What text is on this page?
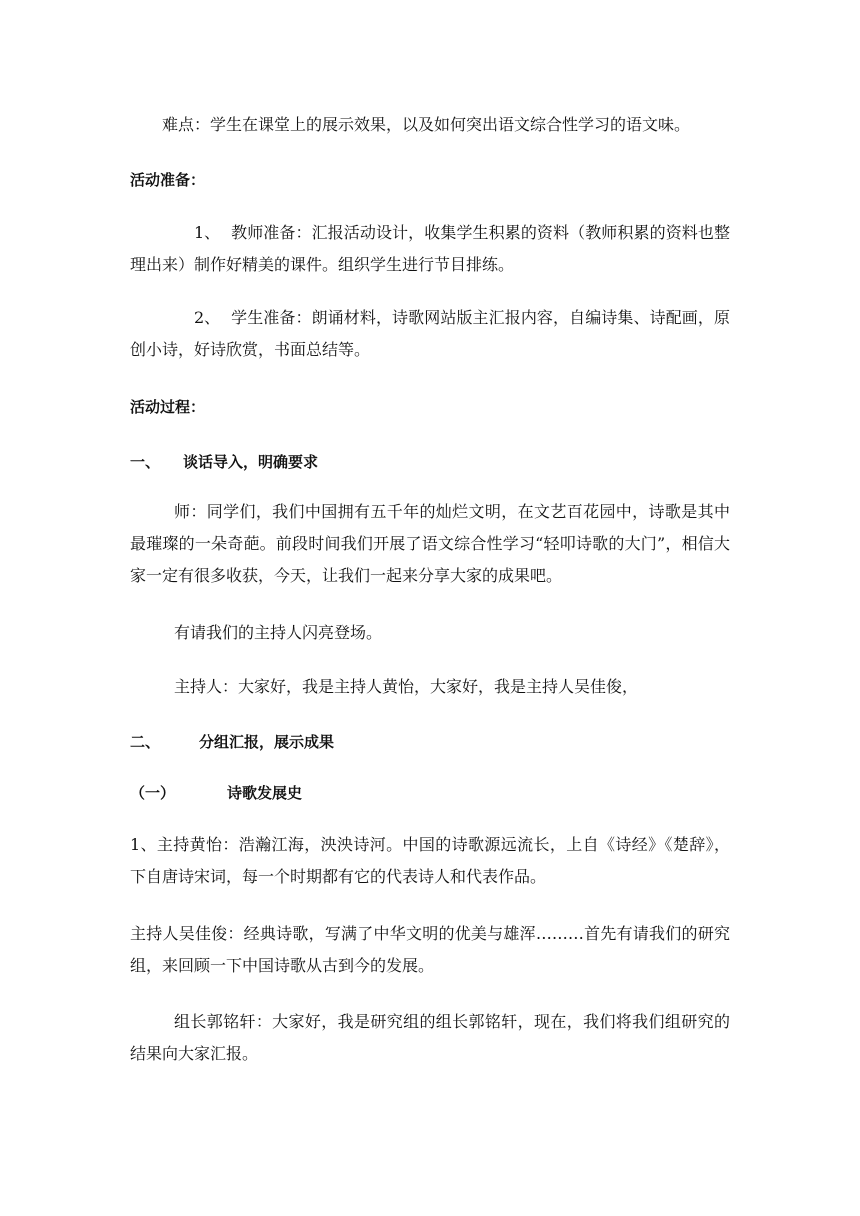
难点：学生在课堂上的展示效果，以及如何突出语文综合性学习的语文味。

活动准备：

1、 教师准备：汇报活动设计，收集学生积累的资料（教师积累的资料也整理出来）制作好精美的课件。组织学生进行节目排练。
2、 学生准备：朗诵材料，诗歌网站版主汇报内容，自编诗集、诗配画，原创小诗，好诗欣赏，书面总结等。

活动过程：

一、 谈话导入，明确要求

师：同学们，我们中国拥有五千年的灿烂文明，在文艺百花园中，诗歌是其中最璀璨的一朵奇葩。前段时间我们开展了语文综合性学习“轻叩诗歌的大门”，相信大家一定有很多收获，今天，让我们一起来分享大家的成果吧。

有请我们的主持人闪亮登场。

主持人：大家好，我是主持人黄怡，大家好，我是主持人吴佳俊，

二、	分组汇报，展示成果

（一）	诗歌发展史

1、主持黄怡：浩瀚江海，泱泱诗河。中国的诗歌源远流长，上自《诗经》《楚辞》，下自唐诗宋词，每一个时期都有它的代表诗人和代表作品。

主持人吴佳俊：经典诗歌，写满了中华文明的优美与雄浑………首先有请我们的研究组，来回顾一下中国诗歌从古到今的发展。

组长郭铭轩：大家好，我是研究组的组长郭铭轩，现在，我们将我们组研究的结果向大家汇报。
